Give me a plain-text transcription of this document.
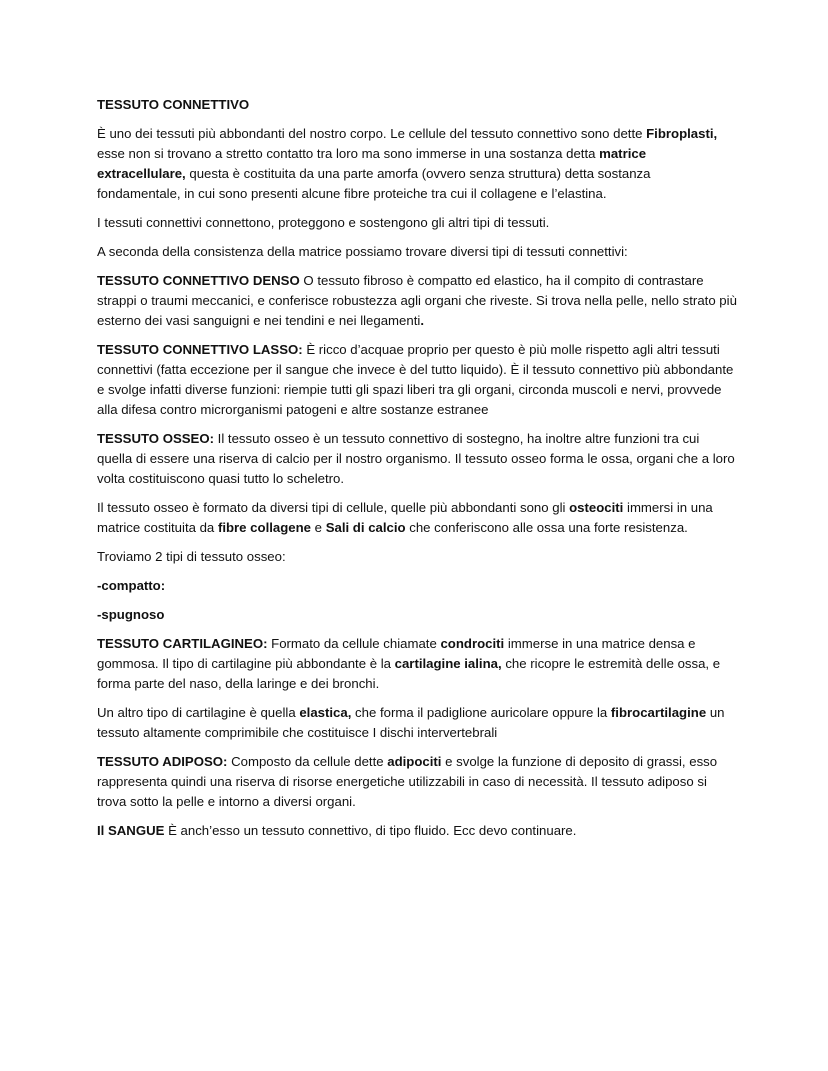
TESSUTO CONNETTIVO

È uno dei tessuti più abbondanti del nostro corpo. Le cellule del tessuto connettivo sono dette Fibroplasti, esse non si trovano a stretto contatto tra loro ma sono immerse in una sostanza detta matrice extracellulare, questa è costituita da una parte amorfa (ovvero senza struttura) detta sostanza fondamentale, in cui sono presenti alcune fibre proteiche tra cui il collagene e l’elastina.

I tessuti connettivi connettono, proteggono e sostengono gli altri tipi di tessuti.

A seconda della consistenza della matrice possiamo trovare diversi tipi di tessuti connettivi:

TESSUTO CONNETTIVO DENSO O tessuto fibroso è compatto ed elastico, ha il compito di contrastare strappi o traumi meccanici, e conferisce robustezza agli organi che riveste. Si trova nella pelle, nello strato più esterno dei vasi sanguigni e nei tendini e nei llegamenti.

TESSUTO CONNETTIVO LASSO: È ricco d’acquae proprio per questo è più molle rispetto agli altri tessuti connettivi (fatta eccezione per il sangue che invece è del tutto liquido). È il tessuto connettivo più abbondante e svolge infatti diverse funzioni: riempie tutti gli spazi liberi tra gli organi, circonda muscoli e nervi, provvede alla difesa contro microrganismi patogeni e altre sostanze estranee

TESSUTO OSSEO: Il tessuto osseo è un tessuto connettivo di sostegno, ha inoltre altre funzioni tra cui quella di essere una riserva di calcio per il nostro organismo. Il tessuto osseo forma le ossa, organi che a loro volta costituiscono quasi tutto lo scheletro.

Il tessuto osseo è formato da diversi tipi di cellule, quelle più abbondanti sono gli osteociti immersi in una matrice costituita da fibre collagene e Sali di calcio che conferiscono alle ossa una forte resistenza.

Troviamo 2 tipi di tessuto osseo:

-compatto:

-spugnoso

TESSUTO CARTILAGINEO: Formato da cellule chiamate condrociti immerse in una matrice densa e gommosa. Il tipo di cartilagine più abbondante è la cartilagine ialina, che ricopre le estremità delle ossa, e forma parte del naso, della laringe e dei bronchi.

Un altro tipo di cartilagine è quella elastica, che forma il padiglione auricolare oppure la fibrocartilagine un tessuto altamente comprimibile che costituisce I dischi intervertebrali

TESSUTO ADIPOSO: Composto da cellule dette adipociti e svolge la funzione di deposito di grassi, esso rappresenta quindi una riserva di risorse energetiche utilizzabili in caso di necessità. Il tessuto adiposo si trova sotto la pelle e intorno a diversi organi.

Il SANGUE È anch’esso un tessuto connettivo, di tipo fluido. Ecc devo continuare.
